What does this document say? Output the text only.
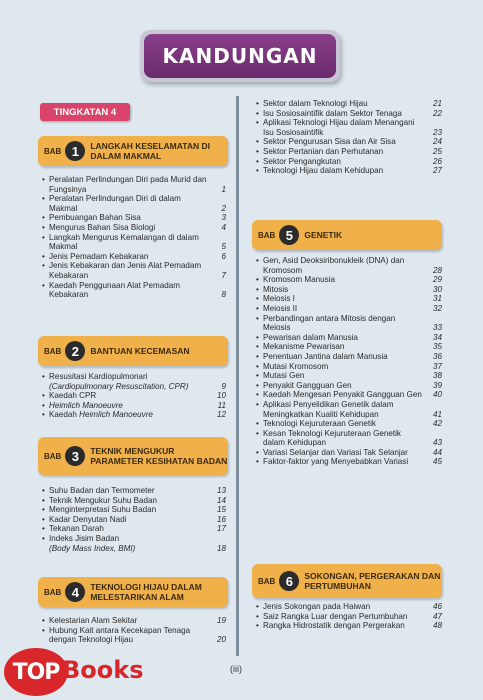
KANDUNGAN
TINGKATAN 4
BAB 1	LANGKAH KESELAMATAN DI DALAM MAKMAL
• Peralatan Perlindungan Diri pada Murid dan Fungsinya	1
• Peralatan Perlindungan Diri di dalam Makmal	2
• Pembuangan Bahan Sisa	3
• Mengurus Bahan Sisa Biologi	4
• Langkah Mengurus Kemalangan di dalam Makmal	5
• Jenis Pemadam Kebakaran	6
• Jenis Kebakaran dan Jenis Alat Pemadam Kebakaran	7
• Kaedah Penggunaan Alat Pemadam Kebakaran	8
BAB 2	BANTUAN KECEMASAN
• Resusitasi Kardiopulmonari
(Cardiopulmonary Resuscitation, CPR)	9
• Kaedah CPR	10
• Heimlich Manoeuvre	11
• Kaedah Heimlich Manoeuvre	12
BAB 3	TEKNIK MENGUKUR PARAMETER KESIHATAN BADAN
• Suhu Badan dan Termometer	13
• Teknik Mengukur Suhu Badan	14
• Menginterpretasi Suhu Badan	15
• Kadar Denyutan Nadi	16
• Tekanan Darah	17
• Indeks Jisim Badan
(Body Mass Index, BMI)	18
BAB 4	TEKNOLOGI HIJAU DALAM MELESTARIKAN ALAM
• Kelestarian Alam Sekitar	19
• Hubung Kait antara Kecekapan Tenaga dengan Teknologi Hijau	20
• Sektor dalam Teknologi Hijau	21
• Isu Sosiosaintifik dalam Sektor Tenaga	22
• Aplikasi Teknologi Hijau dalam Menangani Isu Sosiosaintifik	23
• Sektor Pengurusan Sisa dan Air Sisa	24
• Sektor Pertanian dan Perhutanan	25
• Sektor Pengangkutan	26
• Teknologi Hijau dalam Kehidupan	27
BAB 5	GENETIK
• Gen, Asid Deoksiribonukleik (DNA) dan Kromosom	28
• Kromosom Manusia	29
• Mitosis	30
• Meiosis I	31
• Meiosis II	32
• Perbandingan antara Mitosis dengan Meiosis	33
• Pewarisan dalam Manusia	34
• Mekanisme Pewarisan	35
• Penentuan Jantina dalam Manusia	36
• Mutasi Kromosom	37
• Mutasi Gen	38
• Penyakit Gangguan Gen	39
• Kaedah Mengesan Penyakit Gangguan Gen	40
• Aplikasi Penyelidikan Genetik dalam Meningkatkan Kualiti Kehidupan	41
• Teknologi Kejuruteraan Genetik	42
• Kesan Teknologi Kejuruteraan Genetik dalam Kehidupan	43
• Variasi Selanjar dan Variasi Tak Selanjar	44
• Faktor-faktor yang Menyebabkan Variasi	45
BAB 6	SOKONGAN, PERGERAKAN DAN PERTUMBUHAN
• Jenis Sokongan pada Haiwan	46
• Saiz Rangka Luar dengan Pertumbuhan	47
• Rangka Hidrostatik dengan Pergerakan	48
(iii)
TOP Books
